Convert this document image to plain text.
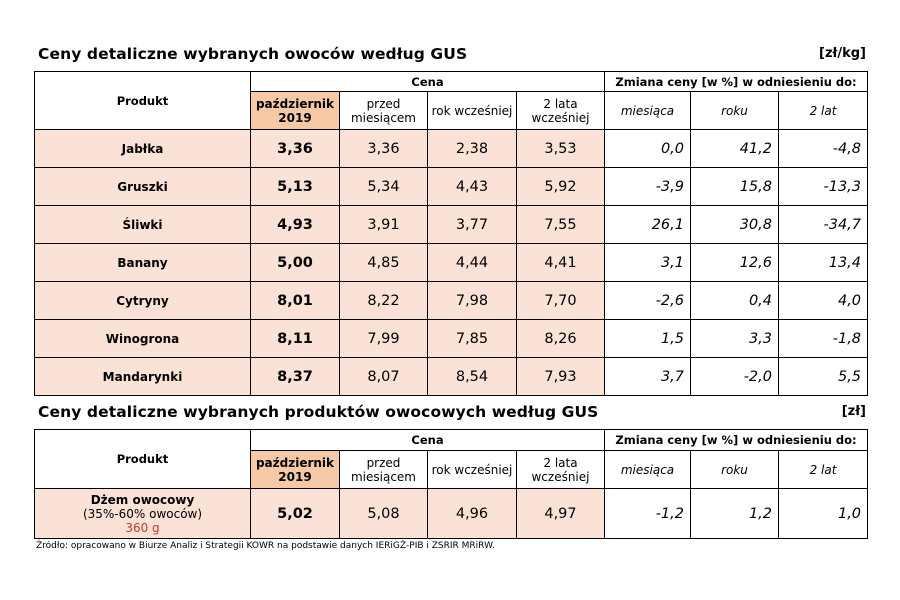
Ceny detaliczne wybranych owoców według GUS	[zł/kg]
Produkt	Cena				Zmiana ceny [w %] w odniesieniu do:		
	październik 2019	przed miesiącem	rok wcześniej	2 lata wcześniej	miesiąca	roku	2 lat
Jabłka	3,36	3,36	2,38	3,53	0,0	41,2	-4,8
Gruszki	5,13	5,34	4,43	5,92	-3,9	15,8	-13,3
Śliwki	4,93	3,91	3,77	7,55	26,1	30,8	-34,7
Banany	5,00	4,85	4,44	4,41	3,1	12,6	13,4
Cytryny	8,01	8,22	7,98	7,70	-2,6	0,4	4,0
Winogrona	8,11	7,99	7,85	8,26	1,5	3,3	-1,8
Mandarynki	8,37	8,07	8,54	7,93	3,7	-2,0	5,5
Ceny detaliczne wybranych produktów owocowych według GUS	[zł]
Produkt	Cena				Zmiana ceny [w %] w odniesieniu do:		
	październik 2019	przed miesiącem	rok wcześniej	2 lata wcześniej	miesiąca	roku	2 lat
Dżem owocowy
(35%-60% owoców)
360 g	5,02	5,08	4,96	4,97	-1,2	1,2	1,0
Źródło: opracowano w Biurze Analiz i Strategii KOWR na podstawie danych IERiGŻ-PIB i ZSRIR MRiRW.
